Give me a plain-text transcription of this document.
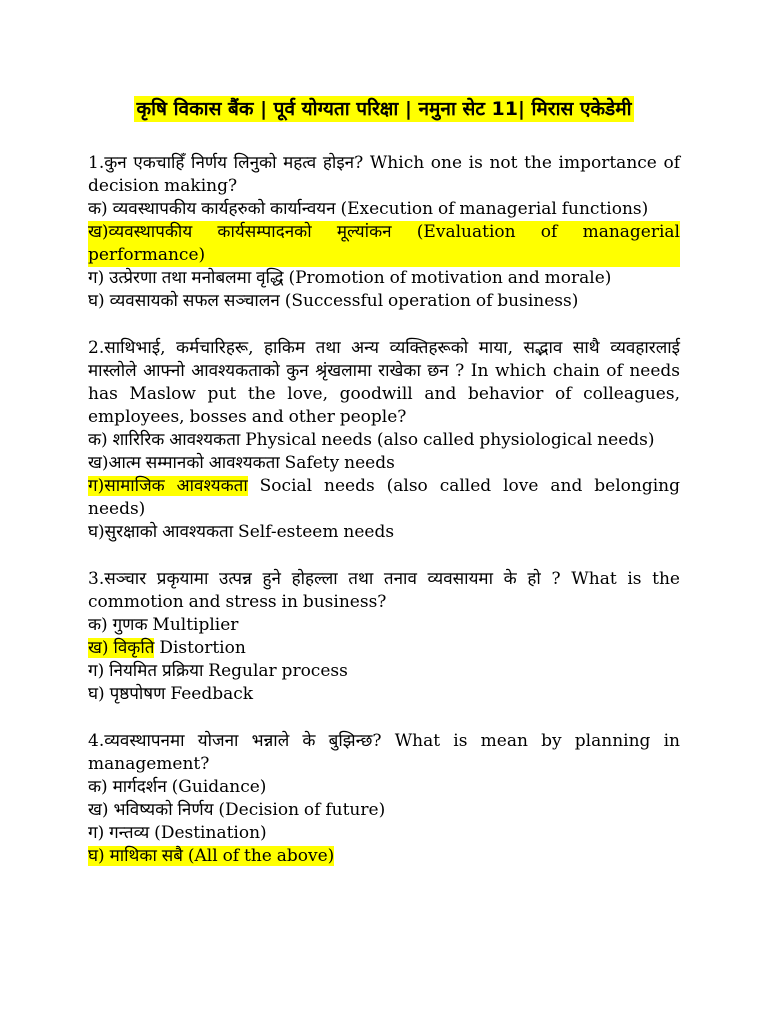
कृषि विकास बैंक | पूर्व योग्यता परिक्षा | नमुना सेट 11| मिरास एकेडेमी
1.कुन एकचाहिँ निर्णय लिनुको महत्व होइन? Which one is not the importance of decision making?
क) व्यवस्थापकीय कार्यहरुको कार्यान्वयन (Execution of managerial functions)
ख)व्यवस्थापकीय कार्यसम्पादनको मूल्यांकन (Evaluation of managerial performance)
ग) उत्प्रेरणा तथा मनोबलमा वृद्धि (Promotion of motivation and morale)
घ) व्यवसायको सफल सञ्चालन (Successful operation of business)
2.साथिभाई, कर्मचारिहरू, हाकिम तथा अन्य व्यक्तिहरूको माया, सद्भाव साथै व्यवहारलाई मास्लोले आफ्नो आवश्यकताको कुन श्रृंखलामा राखेका छन ? In which chain of needs has Maslow put the love, goodwill and behavior of colleagues, employees, bosses and other people?
क) शारिरिक आवश्यकता Physical needs (also called physiological needs)
ख)आत्म सम्मानको आवश्यकता Safety needs
ग)सामाजिक आवश्यकता Social needs (also called love and belonging needs)
घ)सुरक्षाको आवश्यकता Self-esteem needs
3.सञ्चार प्रकृयामा उत्पन्न हुने होहल्ला तथा तनाव व्यवसायमा के हो ? What is the commotion and stress in business?
क) गुणक Multiplier
ख) विकृति Distortion
ग) नियमित प्रक्रिया Regular process
घ) पृष्ठपोषण Feedback
4.व्यवस्थापनमा योजना भन्नाले के बुझिन्छ? What is mean by planning in management?
क) मार्गदर्शन (Guidance)
ख) भविष्यको निर्णय (Decision of future)
ग) गन्तव्य (Destination)
घ) माथिका सबै (All of the above)
